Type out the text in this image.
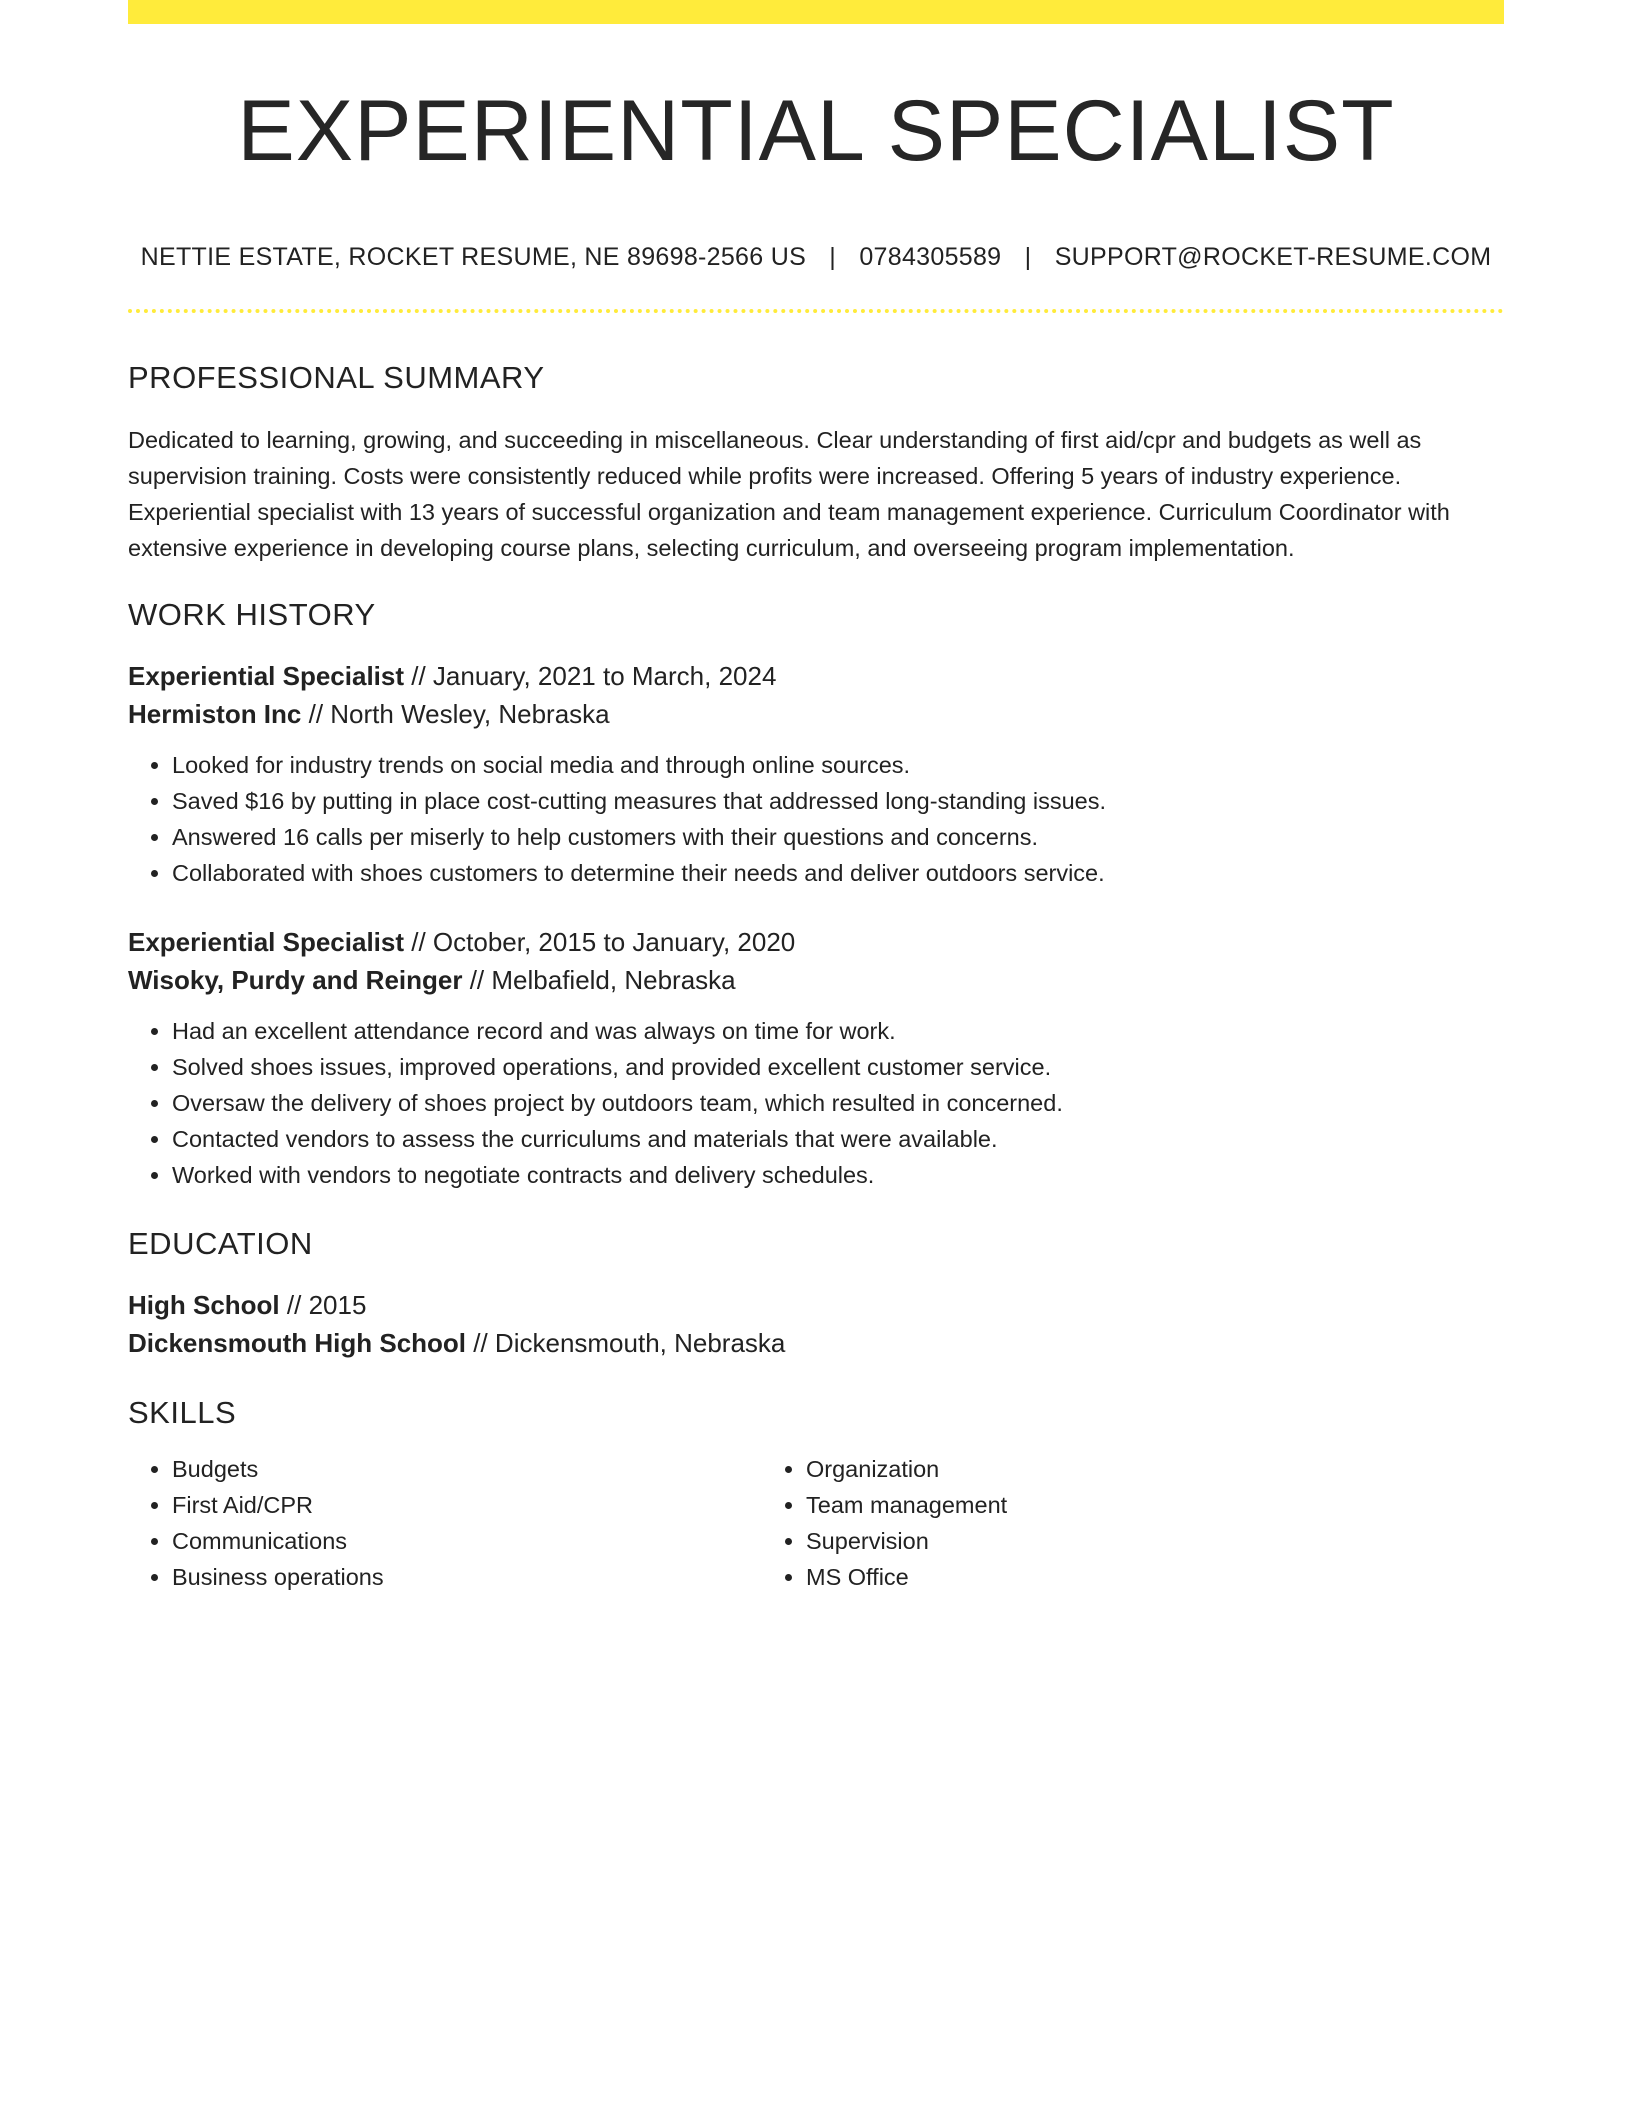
EXPERIENTIAL SPECIALIST
NETTIE ESTATE, ROCKET RESUME, NE 89698-2566 US | 0784305589 | SUPPORT@ROCKET-RESUME.COM
PROFESSIONAL SUMMARY

Dedicated to learning, growing, and succeeding in miscellaneous. Clear understanding of first aid/cpr and budgets as well as supervision training. Costs were consistently reduced while profits were increased. Offering 5 years of industry experience. Experiential specialist with 13 years of successful organization and team management experience. Curriculum Coordinator with extensive experience in developing course plans, selecting curriculum, and overseeing program implementation.

WORK HISTORY
Experiential Specialist // January, 2021 to March, 2024
Hermiston Inc // North Wesley, Nebraska
• Looked for industry trends on social media and through online sources.
• Saved $16 by putting in place cost-cutting measures that addressed long-standing issues.
• Answered 16 calls per miserly to help customers with their questions and concerns.
• Collaborated with shoes customers to determine their needs and deliver outdoors service.
Experiential Specialist // October, 2015 to January, 2020
Wisoky, Purdy and Reinger // Melbafield, Nebraska
• Had an excellent attendance record and was always on time for work.
• Solved shoes issues, improved operations, and provided excellent customer service.
• Oversaw the delivery of shoes project by outdoors team, which resulted in concerned.
• Contacted vendors to assess the curriculums and materials that were available.
• Worked with vendors to negotiate contracts and delivery schedules.
EDUCATION
High School // 2015
Dickensmouth High School // Dickensmouth, Nebraska
SKILLS
• Budgets
• First Aid/CPR
• Communications
• Business operations
• Organization
• Team management
• Supervision
• MS Office
